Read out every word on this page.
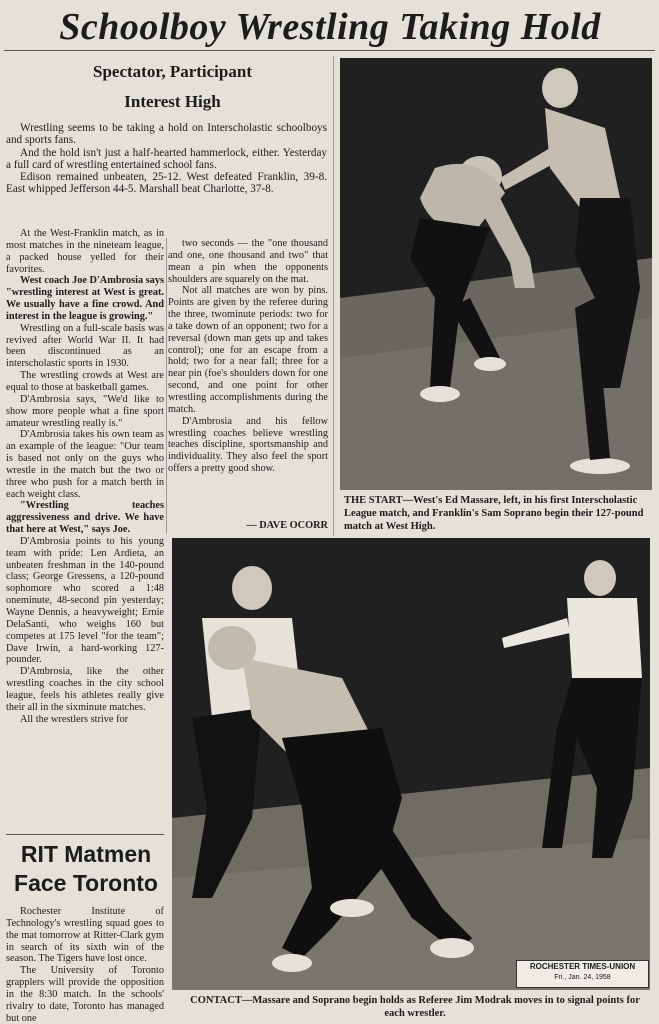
Schoolboy Wrestling Taking Hold
Spectator, Participant
Interest High

Wrestling seems to be taking a hold on Interscholastic schoolboys and sports fans.

And the hold isn't just a half-hearted hammerlock, either. Yesterday a full card of wrestling entertained school fans.

Edison remained unbeaten, 25-12. West defeated Franklin, 39-8. East whipped Jefferson 44-5. Marshall beat Charlotte, 37-8.

At the West-Franklin match, as in most matches in the nineteam league, a packed house yelled for their favorites.

West coach Joe D'Ambrosia says "wrestling interest at West is great. We usually have a fine crowd. And interest in the league is growing."

Wrestling on a full-scale basis was revived after World War II. It had been discontinued as an interscholastic sports in 1930.

The wrestling crowds at West are equal to those at basketball games.

D'Ambrosia says, "We'd like to show more people what a fine sport amateur wrestling really is."

D'Ambrosia takes his own team as an example of the league: "Our team is based not only on the guys who wrestle in the match but the two or three who push for a match berth in each weight class.

"Wrestling teaches aggressiveness and drive. We have that here at West," says Joe.

D'Ambrosia points to his young team with pride: Len Ardieta, an unbeaten freshman in the 140-pound class; George Gressens, a 120-pound sophomore who scored a 1:48 oneminute, 48-second pin yesterday; Wayne Dennis, a heavyweight; Ernie DelaSanti, who weighs 160 but competes at 175 level "for the team"; Dave Irwin, a hard-working 127-pounder.

D'Ambrosia, like the other wrestling coaches in the city school league, feels his athletes really give their all in the sixminute matches.

All the wrestlers strive for

two seconds — the "one thousand and one, one thousand and two" that mean a pin when the opponents shoulders are squarely on the mat.

Not all matches are won by pins. Points are given by the referee during the three, twominute periods: two for a take down of an opponent; two for a reversal (down man gets up and takes control); one for an escape from a hold; two for a near fall; three for a near pin (foe's shoulders down for one second, and one point for other wrestling accomplishments during the match.

D'Ambrosia and his fellow wrestling coaches believe wrestling teaches discipline, sportsmanship and individuality. They also feel the sport offers a pretty good show.

THE START—West's Ed Massare, left, in his first Interscholastic League match, and Franklin's Sam Soprano begin their 127-pound match at West High.

— DAVE OCORR

ROCHESTER TIMES-UNION
Fri., Jan. 24, 1958
CONTACT—Massare and Soprano begin holds as Referee Jim Modrak moves in to signal points for each wrestler.
RIT Matmen
Face Toronto

Rochester Institute of Technology's wrestling squad goes to the mat tomorrow at Ritter-Clark gym in search of its sixth win of the season. The Tigers have lost once.

The University of Toronto grapplers will provide the opposition in the 8:30 match. In the schools' rivalry to date, Toronto has managed but one
